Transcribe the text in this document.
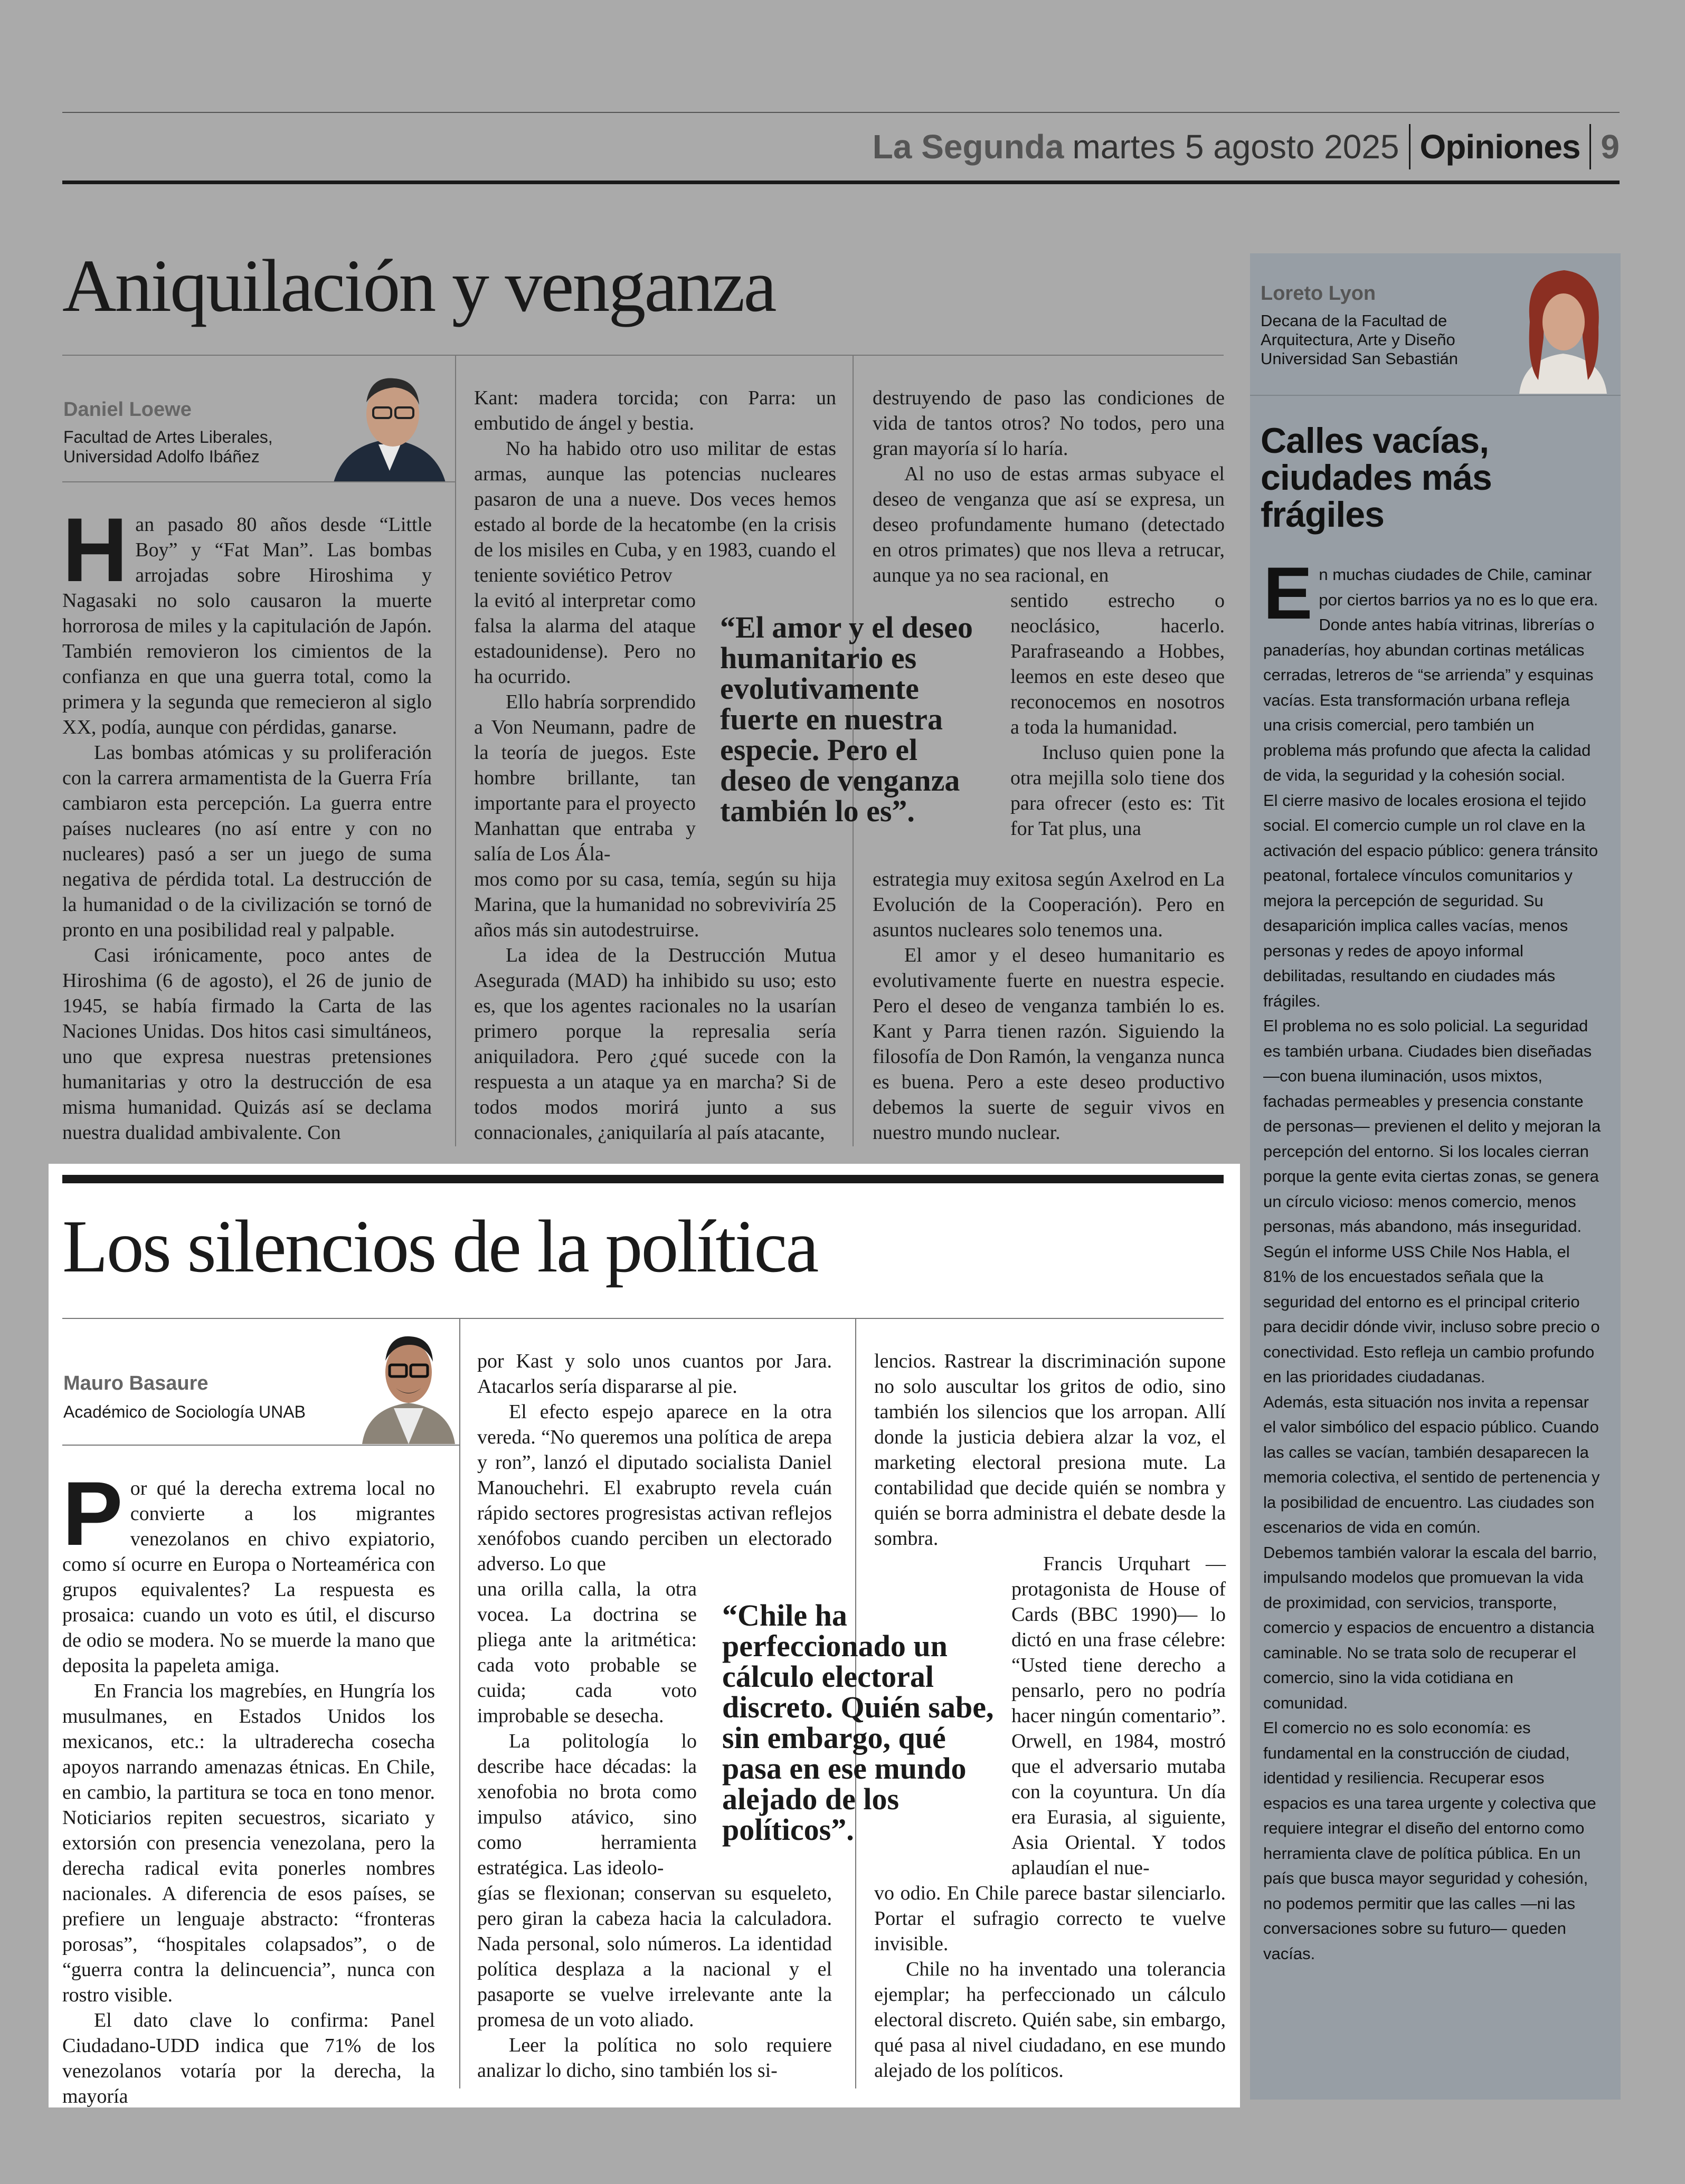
La Segunda martes 5 agosto 2025 Opiniones 9
Aniquilación y venganza
Daniel Loewe
Facultad de Artes Liberales,
Universidad Adolfo Ibáñez

Han pasado 80 años desde “Little Boy” y “Fat Man”. Las bombas arrojadas sobre Hiroshima y Nagasaki no solo causaron la muerte horrorosa de miles y la capitulación de Japón. También removieron los cimientos de la confianza en que una guerra total, como la primera y la segunda que remecieron al siglo XX, podía, aunque con pérdidas, ganarse.

Las bombas atómicas y su proliferación con la carrera armamentista de la Guerra Fría cambiaron esta percepción. La guerra entre países nucleares (no así entre y con no nucleares) pasó a ser un juego de suma negativa de pérdida total. La destrucción de la humanidad o de la civilización se tornó de pronto en una posibilidad real y palpable.

Casi irónicamente, poco antes de Hiroshima (6 de agosto), el 26 de junio de 1945, se había firmado la Carta de las Naciones Unidas. Dos hitos casi simultáneos, uno que expresa nuestras pretensiones humanitarias y otro la destrucción de esa misma humanidad. Quizás así se declama nuestra dualidad ambivalente. Con

Kant: madera torcida; con Parra: un embutido de ángel y bestia.

No ha habido otro uso militar de estas armas, aunque las potencias nucleares pasaron de una a nueve. Dos veces hemos estado al borde de la hecatombe (en la crisis de los misiles en Cuba, y en 1983, cuando el teniente soviético Petrov

la evitó al interpretar como falsa la alarma del ataque estadounidense). Pero no ha ocurrido.

Ello habría sorprendido a Von Neumann, padre de la teoría de juegos. Este hombre brillante, tan importante para el proyecto Manhattan que entraba y salía de Los Ála-

mos como por su casa, temía, según su hija Marina, que la humanidad no sobreviviría 25 años más sin autodestruirse.

La idea de la Destrucción Mutua Asegurada (MAD) ha inhibido su uso; esto es, que los agentes racionales no la usarían primero porque la represalia sería aniquiladora. Pero ¿qué sucede con la respuesta a un ataque ya en marcha? Si de todos modos morirá junto a sus connacionales, ¿aniquilaría al país atacante,

“El amor y el deseo humanitario es evolutivamente fuerte en nuestra especie. Pero el deseo de venganza también lo es”.

destruyendo de paso las condiciones de vida de tantos otros? No todos, pero una gran mayoría sí lo haría.

Al no uso de estas armas subyace el deseo de venganza que así se expresa, un deseo profundamente humano (detectado en otros primates) que nos lleva a retrucar, aunque ya no sea racional, en

sentido estrecho o neoclásico, hacerlo. Parafraseando a Hobbes, leemos en este deseo que reconocemos en nosotros a toda la humanidad.

Incluso quien pone la otra mejilla solo tiene dos para ofrecer (esto es: Tit for Tat plus, una

estrategia muy exitosa según Axelrod en La Evolución de la Cooperación). Pero en asuntos nucleares solo tenemos una.

El amor y el deseo humanitario es evolutivamente fuerte en nuestra especie. Pero el deseo de venganza también lo es. Kant y Parra tienen razón. Siguiendo la filosofía de Don Ramón, la venganza nunca es buena. Pero a este deseo productivo debemos la suerte de seguir vivos en nuestro mundo nuclear.

Los silencios de la política
Mauro Basaure
Académico de Sociología UNAB

Por qué la derecha extrema local no convierte a los migrantes venezolanos en chivo expiatorio, como sí ocurre en Europa o Norteamérica con grupos equivalentes? La respuesta es prosaica: cuando un voto es útil, el discurso de odio se modera. No se muerde la mano que deposita la papeleta amiga.

En Francia los magrebíes, en Hungría los musulmanes, en Estados Unidos los mexicanos, etc.: la ultraderecha cosecha apoyos narrando amenazas étnicas. En Chile, en cambio, la partitura se toca en tono menor. Noticiarios repiten secuestros, sicariato y extorsión con presencia venezolana, pero la derecha radical evita ponerles nombres nacionales. A diferencia de esos países, se prefiere un lenguaje abstracto: “fronteras porosas”, “hospitales colapsados”, o de “guerra contra la delincuencia”, nunca con rostro visible.

El dato clave lo confirma: Panel Ciudadano-UDD indica que 71% de los venezolanos votaría por la derecha, la mayoría

por Kast y solo unos cuantos por Jara. Atacarlos sería dispararse al pie.

El efecto espejo aparece en la otra vereda. “No queremos una política de arepa y ron”, lanzó el diputado socialista Daniel Manouchehri. El exabrupto revela cuán rápido sectores progresistas activan reflejos xenófobos cuando perciben un electorado adverso. Lo que

una orilla calla, la otra vocea. La doctrina se pliega ante la aritmética: cada voto probable se cuida; cada voto improbable se desecha.

La politología lo describe hace décadas: la xenofobia no brota como impulso atávico, sino como herramienta estratégica. Las ideolo-

gías se flexionan; conservan su esqueleto, pero giran la cabeza hacia la calculadora. Nada personal, solo números. La identidad política desplaza a la nacional y el pasaporte se vuelve irrelevante ante la promesa de un voto aliado.

Leer la política no solo requiere analizar lo dicho, sino también los si-

“Chile ha perfeccionado un cálculo electoral discreto. Quién sabe, sin embargo, qué pasa en ese mundo alejado de los políticos”.

lencios. Rastrear la discriminación supone no solo auscultar los gritos de odio, sino también los silencios que los arropan. Allí donde la justicia debiera alzar la voz, el marketing electoral presiona mute. La contabilidad que decide quién se nombra y quién se borra administra el debate desde la sombra.

Francis Urquhart —protagonista de House of Cards (BBC 1990)— lo dictó en una frase célebre: “Usted tiene derecho a pensarlo, pero no podría hacer ningún comentario”. Orwell, en 1984, mostró que el adversario mutaba con la coyuntura. Un día era Eurasia, al siguiente, Asia Oriental. Y todos aplaudían el nue-

vo odio. En Chile parece bastar silenciarlo. Portar el sufragio correcto te vuelve invisible.

Chile no ha inventado una tolerancia ejemplar; ha perfeccionado un cálculo electoral discreto. Quién sabe, sin embargo, qué pasa al nivel ciudadano, en ese mundo alejado de los políticos.

Loreto Lyon
Decana de la Facultad de
Arquitectura, Arte y Diseño
Universidad San Sebastián
Calles vacías,
ciudades más
frágiles

En muchas ciudades de Chile, caminar por ciertos barrios ya no es lo que era. Donde antes había vitrinas, librerías o panaderías, hoy abundan cortinas metálicas cerradas, letreros de “se arrienda” y esquinas vacías. Esta transformación urbana refleja una crisis comercial, pero también un problema más profundo que afecta la calidad de vida, la seguridad y la cohesión social.

El cierre masivo de locales erosiona el tejido social. El comercio cumple un rol clave en la activación del espacio público: genera tránsito peatonal, fortalece vínculos comunitarios y mejora la percepción de seguridad. Su desaparición implica calles vacías, menos personas y redes de apoyo informal debilitadas, resultando en ciudades más frágiles.

El problema no es solo policial. La seguridad es también urbana. Ciudades bien diseñadas —con buena iluminación, usos mixtos, fachadas permeables y presencia constante de personas— previenen el delito y mejoran la percepción del entorno. Si los locales cierran porque la gente evita ciertas zonas, se genera un círculo vicioso: menos comercio, menos personas, más abandono, más inseguridad. Según el informe USS Chile Nos Habla, el 81% de los encuestados señala que la seguridad del entorno es el principal criterio para decidir dónde vivir, incluso sobre precio o conectividad. Esto refleja un cambio profundo en las prioridades ciudadanas.

Además, esta situación nos invita a repensar el valor simbólico del espacio público. Cuando las calles se vacían, también desaparecen la memoria colectiva, el sentido de pertenencia y la posibilidad de encuentro. Las ciudades son escenarios de vida en común.

Debemos también valorar la escala del barrio, impulsando modelos que promuevan la vida de proximidad, con servicios, transporte, comercio y espacios de encuentro a distancia caminable. No se trata solo de recuperar el comercio, sino la vida cotidiana en comunidad.

El comercio no es solo economía: es fundamental en la construcción de ciudad, identidad y resiliencia. Recuperar esos espacios es una tarea urgente y colectiva que requiere integrar el diseño del entorno como herramienta clave de política pública. En un país que busca mayor seguridad y cohesión, no podemos permitir que las calles —ni las conversaciones sobre su futuro— queden vacías.
